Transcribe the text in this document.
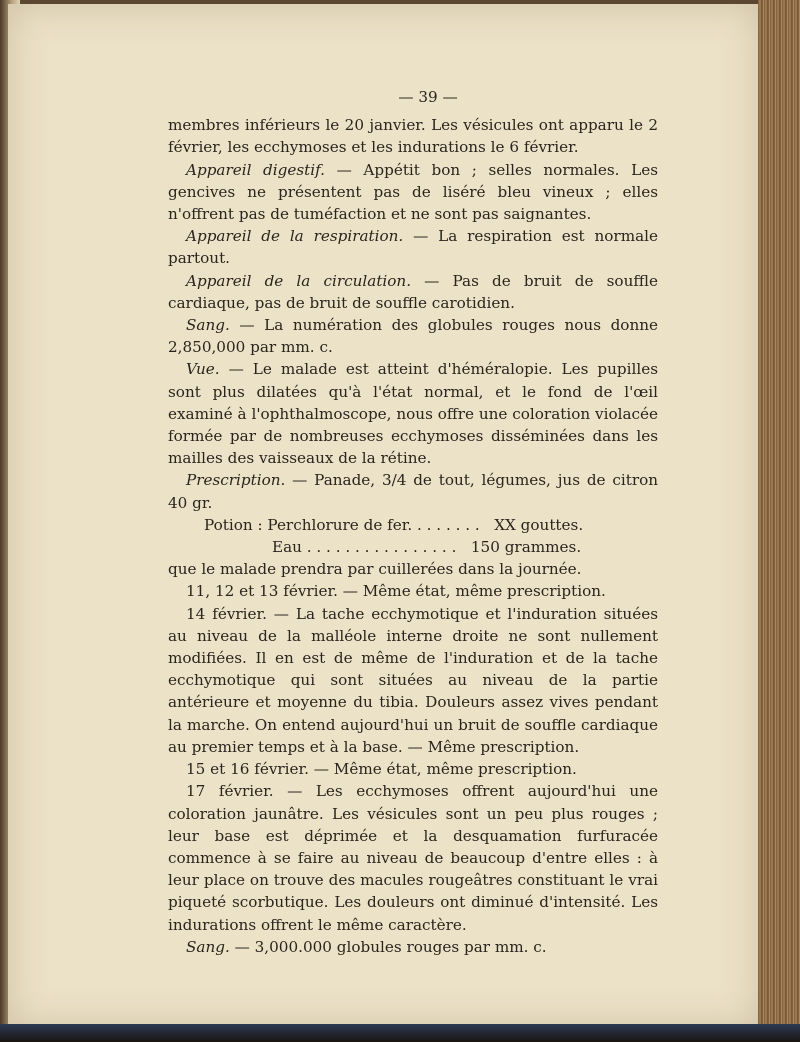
— 39 —

membres inférieurs le 20 janvier. Les vésicules ont apparu le 2 février, les ecchymoses et les indurations le 6 février.

Appareil digestif. — Appétit bon ; selles normales. Les gencives ne présentent pas de liséré bleu vineux ; elles n'offrent pas de tuméfaction et ne sont pas saignantes.

Appareil de la respiration. — La respiration est normale partout.

Appareil de la circulation. — Pas de bruit de souffle cardiaque, pas de bruit de souffle carotidien.

Sang. — La numération des globules rouges nous donne 2,850,000 par mm. c.

Vue. — Le malade est atteint d'héméralopie. Les pupilles sont plus dilatées qu'à l'état normal, et le fond de l'œil examiné à l'ophthalmoscope, nous offre une coloration violacée formée par de nombreuses ecchymoses disséminées dans les mailles des vaisseaux de la rétine.

Prescription. — Panade, 3/4 de tout, légumes, jus de citron 40 gr.

Potion : Perchlorure de fer. . . . . . . .   XX gouttes.
Eau . . . . . . . . . . . . . . . .   150 grammes.

que le malade prendra par cuillerées dans la journée.

11, 12 et 13 février. — Même état, même prescription.

14 février. — La tache ecchymotique et l'induration situées au niveau de la malléole interne droite ne sont nullement modifiées. Il en est de même de l'induration et de la tache ecchymotique qui sont situées au niveau de la partie antérieure et moyenne du tibia. Douleurs assez vives pendant la marche. On entend aujourd'hui un bruit de souffle cardiaque au premier temps et à la base. — Même prescription.

15 et 16 février. — Même état, même prescription.

17 février. — Les ecchymoses offrent aujourd'hui une coloration jaunâtre. Les vésicules sont un peu plus rouges ; leur base est déprimée et la desquamation furfuracée commence à se faire au niveau de beaucoup d'entre elles : à leur place on trouve des macules rougeâtres constituant le vrai piqueté scorbutique. Les douleurs ont diminué d'intensité. Les indurations offrent le même caractère.

Sang. — 3,000.000 globules rouges par mm. c.
